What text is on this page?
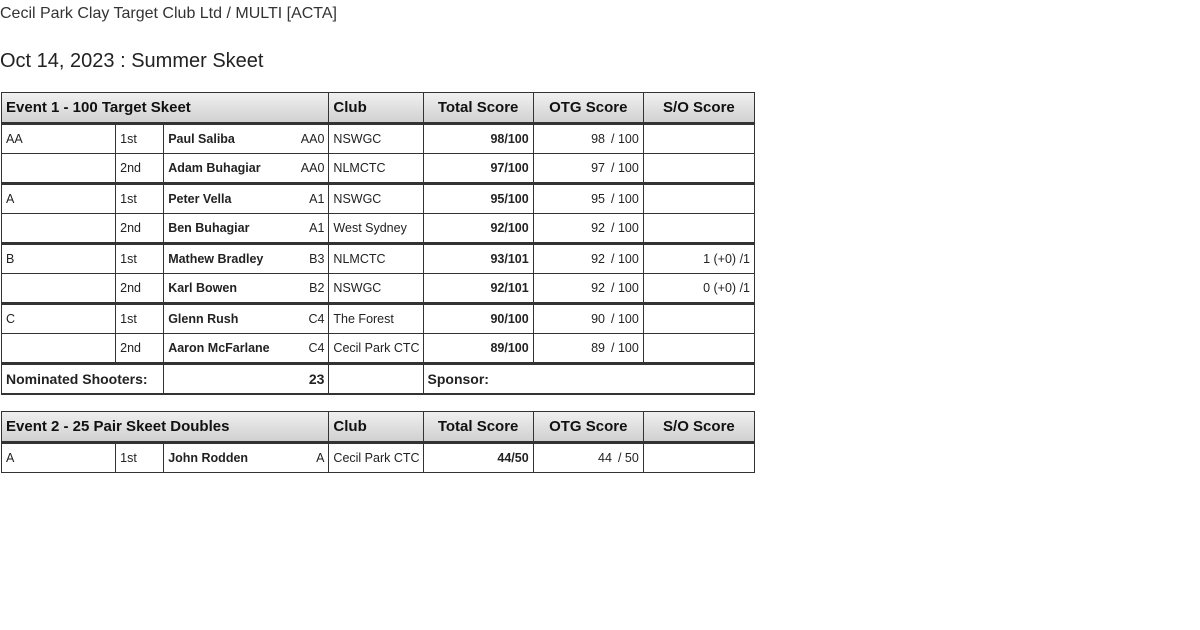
Cecil Park Clay Target Club Ltd / MULTI [ACTA]
Oct 14, 2023 : Summer Skeet
Event 1 - 100 Target Skeet			Club	Total Score	OTG Score	S/O Score
AA	1st	Paul Saliba AA0	NSWGC	98/100	98 / 100	
	2nd	Adam Buhagiar AA0	NLMCTC	97/100	97 / 100	
A	1st	Peter Vella A1	NSWGC	95/100	95 / 100	
	2nd	Ben Buhagiar A1	West Sydney	92/100	92 / 100	
B	1st	Mathew Bradley B3	NLMCTC	93/101	92 / 100	1 (+0) /1
	2nd	Karl Bowen B2	NSWGC	92/101	92 / 100	0 (+0) /1
C	1st	Glenn Rush C4	The Forest	90/100	90 / 100	
	2nd	Aaron McFarlane C4	Cecil Park CTC	89/100	89 / 100	
Nominated Shooters:		23		Sponsor:		
Event 2 - 25 Pair Skeet Doubles			Club	Total Score	OTG Score	S/O Score
A	1st	John Rodden A	Cecil Park CTC	44/50	44 / 50	
